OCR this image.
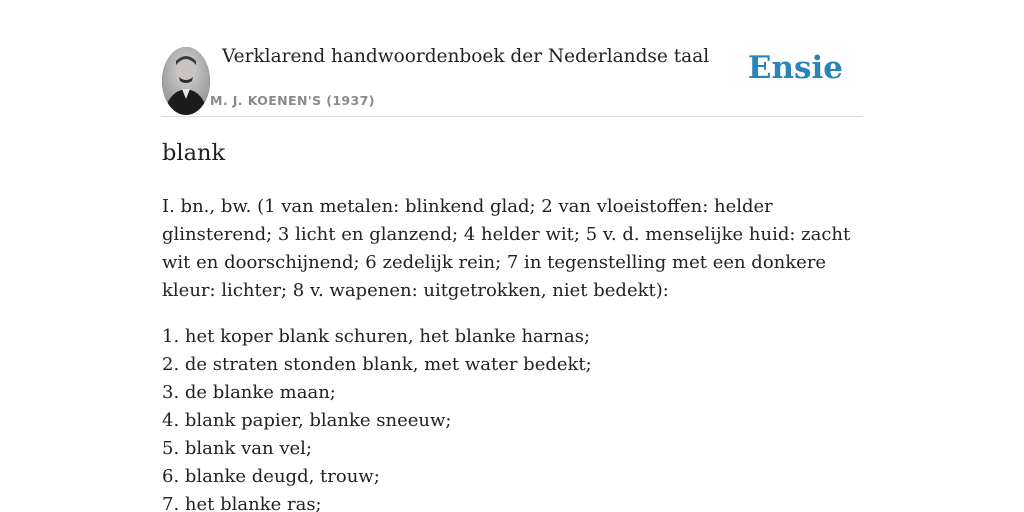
Verklarend handwoordenboek der Nederlandse taal
M. J. KOENEN'S (1937)
Ensie
blank

I. bn., bw. (1 van metalen: blinkend glad; 2 van vloeistoffen: helder glinsterend; 3 licht en glanzend; 4 helder wit; 5 v. d. menselijke huid: zacht wit en doorschijnend; 6 zedelijk rein; 7 in tegenstelling met een donkere kleur: lichter; 8 v. wapenen: uitgetrokken, niet bedekt):

1. het koper blank schuren, het blanke harnas;
2. de straten stonden blank, met water bedekt;
3. de blanke maan;
4. blank papier, blanke sneeuw;
5. blank van vel;
6. blanke deugd, trouw;
7. het blanke ras;
